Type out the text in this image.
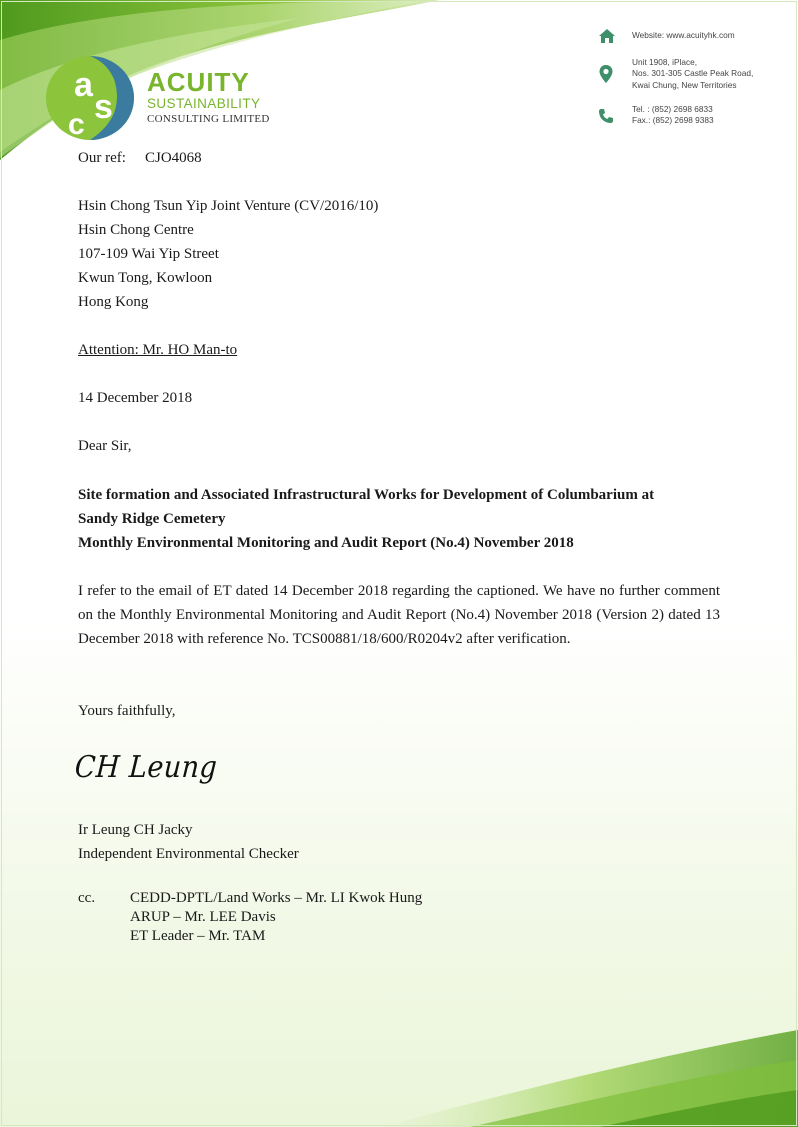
a
s
c
ACUITY
SUSTAINABILITY
CONSULTING LIMITED
Website: www.acuityhk.com
Unit 1908, iPlace,
Nos. 301-305 Castle Peak Road,
Kwai Chung, New Territories
Tel. : (852) 2698 6833
Fax.: (852) 2698 9383
Our ref: CJO4068
Hsin Chong Tsun Yip Joint Venture (CV/2016/10)
Hsin Chong Centre
107-109 Wai Yip Street
Kwun Tong, Kowloon
Hong Kong
Attention: Mr. HO Man-to
14 December 2018
Dear Sir,
Site formation and Associated Infrastructural Works for Development of Columbarium at
Sandy Ridge Cemetery
Monthly Environmental Monitoring and Audit Report (No.4) November 2018
I refer to the email of ET dated 14 December 2018 regarding the captioned. We have no further comment on the Monthly Environmental Monitoring and Audit Report (No.4) November 2018 (Version 2) dated 13 December 2018 with reference No. TCS00881/18/600/R0204v2 after verification.
Yours faithfully,
CH Leung
Ir Leung CH Jacky
Independent Environmental Checker
cc. CEDD-DPTL/Land Works – Mr. LI Kwok Hung
ARUP – Mr. LEE Davis
ET Leader – Mr. TAM
